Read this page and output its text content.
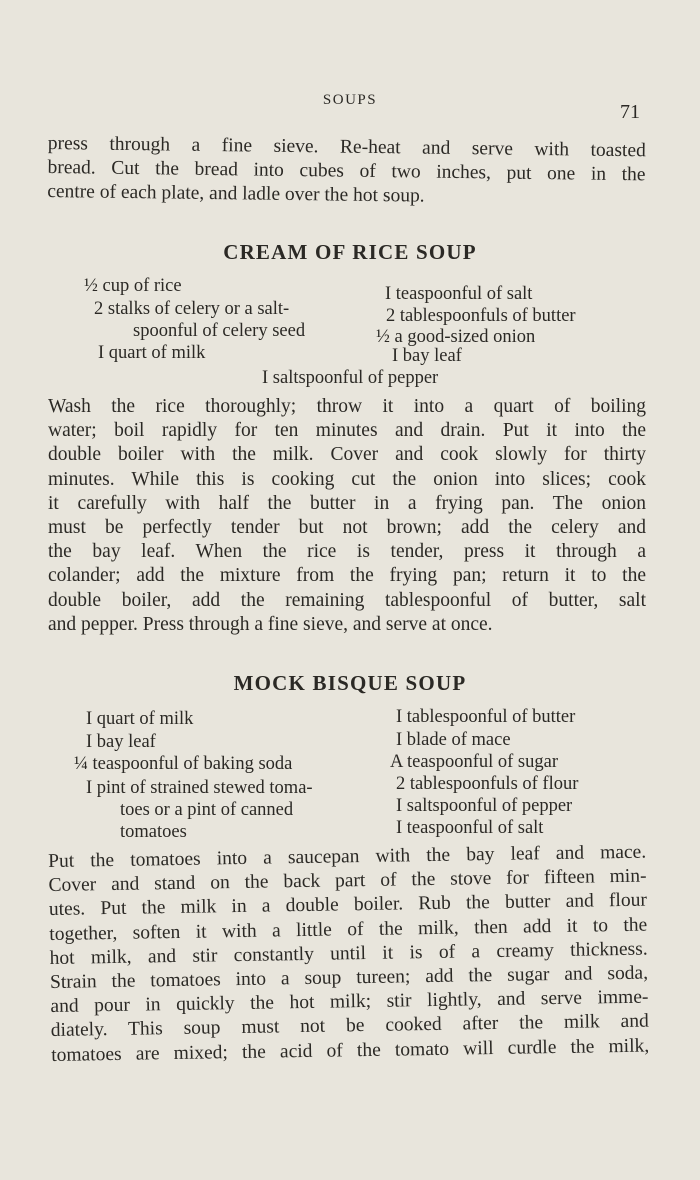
SOUPS
71
press through a fine sieve. Re-heat and serve with toasted
bread. Cut the bread into cubes of two inches, put one in the
centre of each plate, and ladle over the hot soup.
CREAM OF RICE SOUP
½ cup of rice
2 stalks of celery or a salt-
spoonful of celery seed
I quart of milk
I teaspoonful of salt
2 tablespoonfuls of butter
½ a good-sized onion
I bay leaf
I saltspoonful of pepper
Wash the rice thoroughly; throw it into a quart of boiling
water; boil rapidly for ten minutes and drain. Put it into the
double boiler with the milk. Cover and cook slowly for thirty
minutes. While this is cooking cut the onion into slices; cook
it carefully with half the butter in a frying pan. The onion
must be perfectly tender but not brown; add the celery and
the bay leaf. When the rice is tender, press it through a
colander; add the mixture from the frying pan; return it to the
double boiler, add the remaining tablespoonful of butter, salt
and pepper. Press through a fine sieve, and serve at once.
MOCK BISQUE SOUP
I quart of milk
I bay leaf
¼ teaspoonful of baking soda
I pint of strained stewed toma-
toes or a pint of canned
tomatoes
I tablespoonful of butter
I blade of mace
A teaspoonful of sugar
2 tablespoonfuls of flour
I saltspoonful of pepper
I teaspoonful of salt
Put the tomatoes into a saucepan with the bay leaf and mace.
Cover and stand on the back part of the stove for fifteen min-
utes. Put the milk in a double boiler. Rub the butter and flour
together, soften it with a little of the milk, then add it to the
hot milk, and stir constantly until it is of a creamy thickness.
Strain the tomatoes into a soup tureen; add the sugar and soda,
and pour in quickly the hot milk; stir lightly, and serve imme-
diately. This soup must not be cooked after the milk and
tomatoes are mixed; the acid of the tomato will curdle the milk,
